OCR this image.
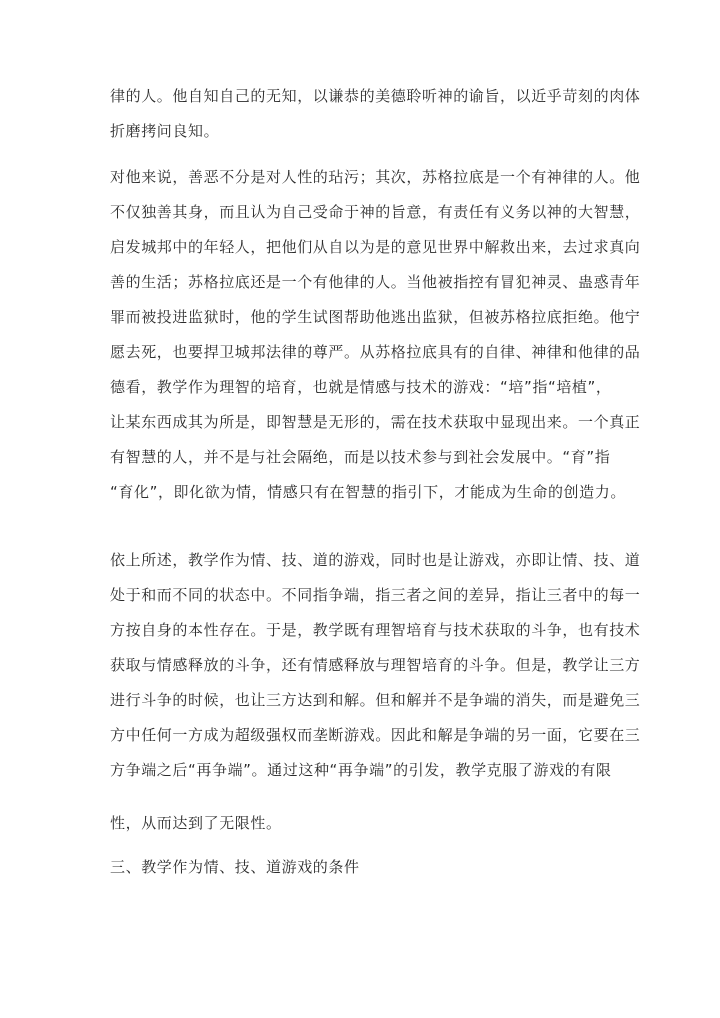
律的人。他自知自己的无知，以谦恭的美德聆听神的谕旨，以近乎苛刻的肉体
折磨拷问良知。
对他来说，善恶不分是对人性的玷污；其次，苏格拉底是一个有神律的人。他
不仅独善其身，而且认为自己受命于神的旨意，有责任有义务以神的大智慧，
启发城邦中的年轻人，把他们从自以为是的意见世界中解救出来，去过求真向
善的生活；苏格拉底还是一个有他律的人。当他被指控有冒犯神灵、蛊惑青年
罪而被投进监狱时，他的学生试图帮助他逃出监狱，但被苏格拉底拒绝。他宁
愿去死，也要捍卫城邦法律的尊严。从苏格拉底具有的自律、神律和他律的品
德看，教学作为理智的培育，也就是情感与技术的游戏：“培”指“培植”，
让某东西成其为所是，即智慧是无形的，需在技术获取中显现出来。一个真正
有智慧的人，并不是与社会隔绝，而是以技术参与到社会发展中。“育”指
“育化”，即化欲为情，情感只有在智慧的指引下，才能成为生命的创造力。
依上所述，教学作为情、技、道的游戏，同时也是让游戏，亦即让情、技、道
处于和而不同的状态中。不同指争端，指三者之间的差异，指让三者中的每一
方按自身的本性存在。于是，教学既有理智培育与技术获取的斗争，也有技术
获取与情感释放的斗争，还有情感释放与理智培育的斗争。但是，教学让三方
进行斗争的时候，也让三方达到和解。但和解并不是争端的消失，而是避免三
方中任何一方成为超级强权而垄断游戏。因此和解是争端的另一面，它要在三
方争端之后“再争端”。通过这种“再争端”的引发，教学克服了游戏的有限
性，从而达到了无限性。
三、教学作为情、技、道游戏的条件
